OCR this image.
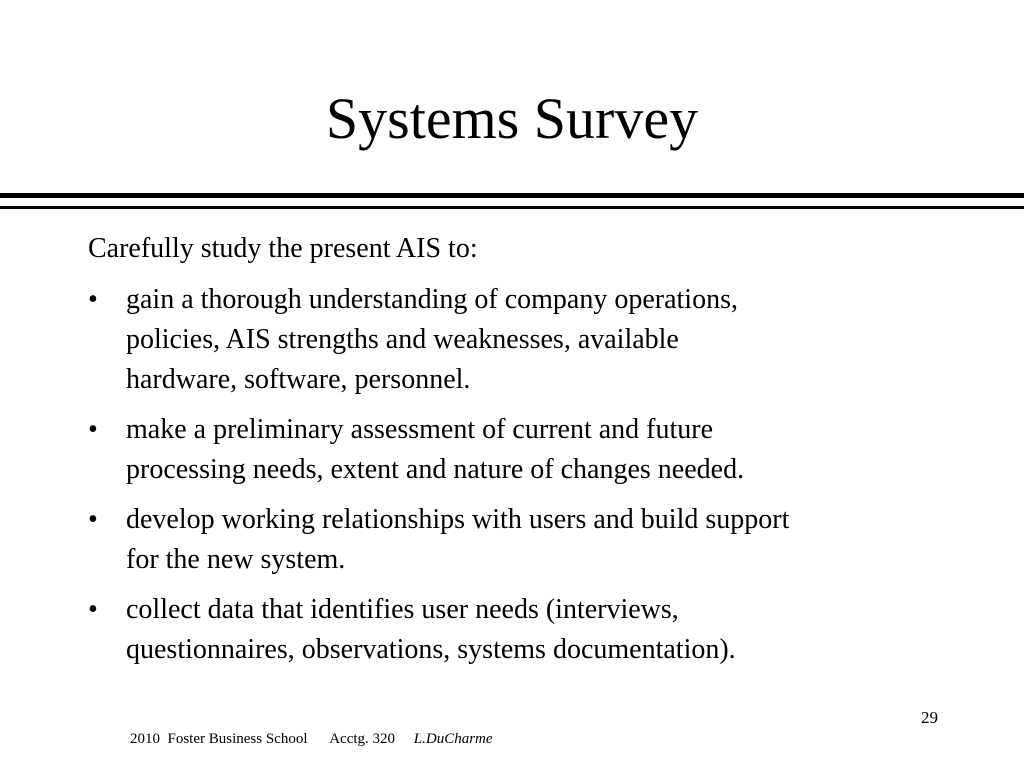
Systems Survey
Carefully study the present AIS to:
• gain a thorough understanding of company operations,
policies, AIS strengths and weaknesses, available
hardware, software, personnel.
• make a preliminary assessment of current and future
processing needs, extent and nature of changes needed.
• develop working relationships with users and build support
for the new system.
• collect data that identifies user needs (interviews,
questionnaires, observations, systems documentation).
29
2010  Foster Business School Acctg. 320 L.DuCharme
